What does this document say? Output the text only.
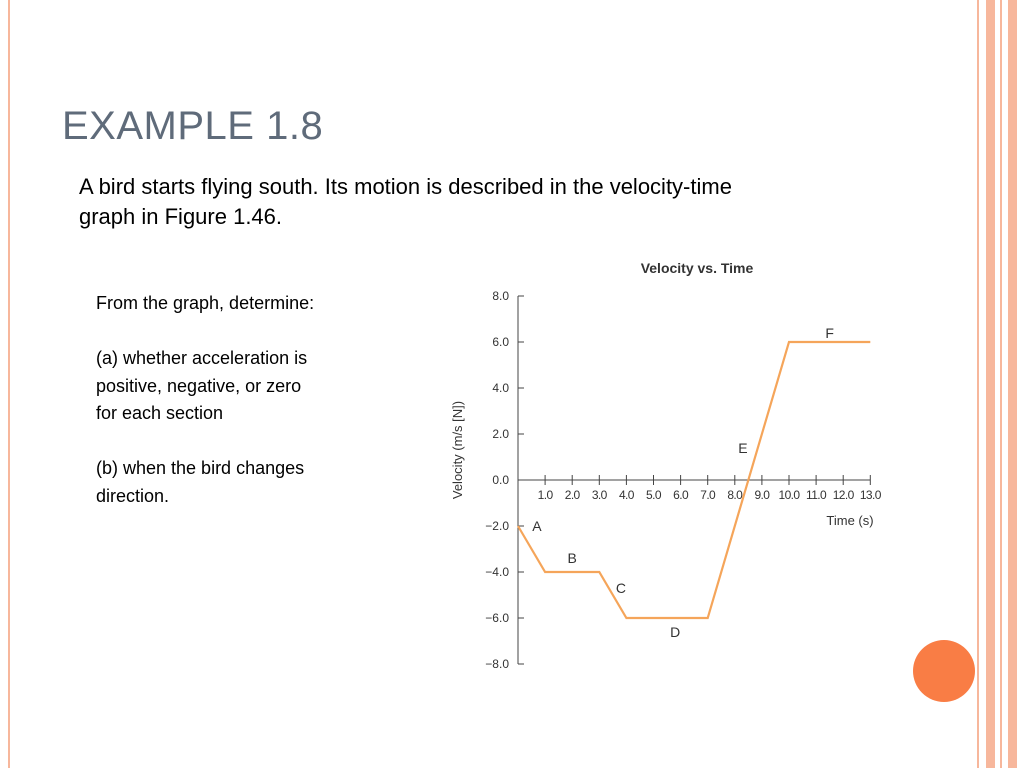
EXAMPLE 1.8
A bird starts flying south. Its motion is described in the velocity-time
graph in Figure 1.46.

From the graph, determine:

(a) whether acceleration is

positive, negative, or zero

for each section

(b) when the bird changes

direction.

Velocity vs. Time
8.0
6.0
4.0
2.0
0.0
−2.0
−4.0
−6.0
−8.0
1.0 2.0 3.0 4.0 5.0 6.0 7.0 8.0 9.0 10.0 11.0 12.0 13.0
Time (s)
Velocity (m/s [N])
A
B
C
D
E
F
